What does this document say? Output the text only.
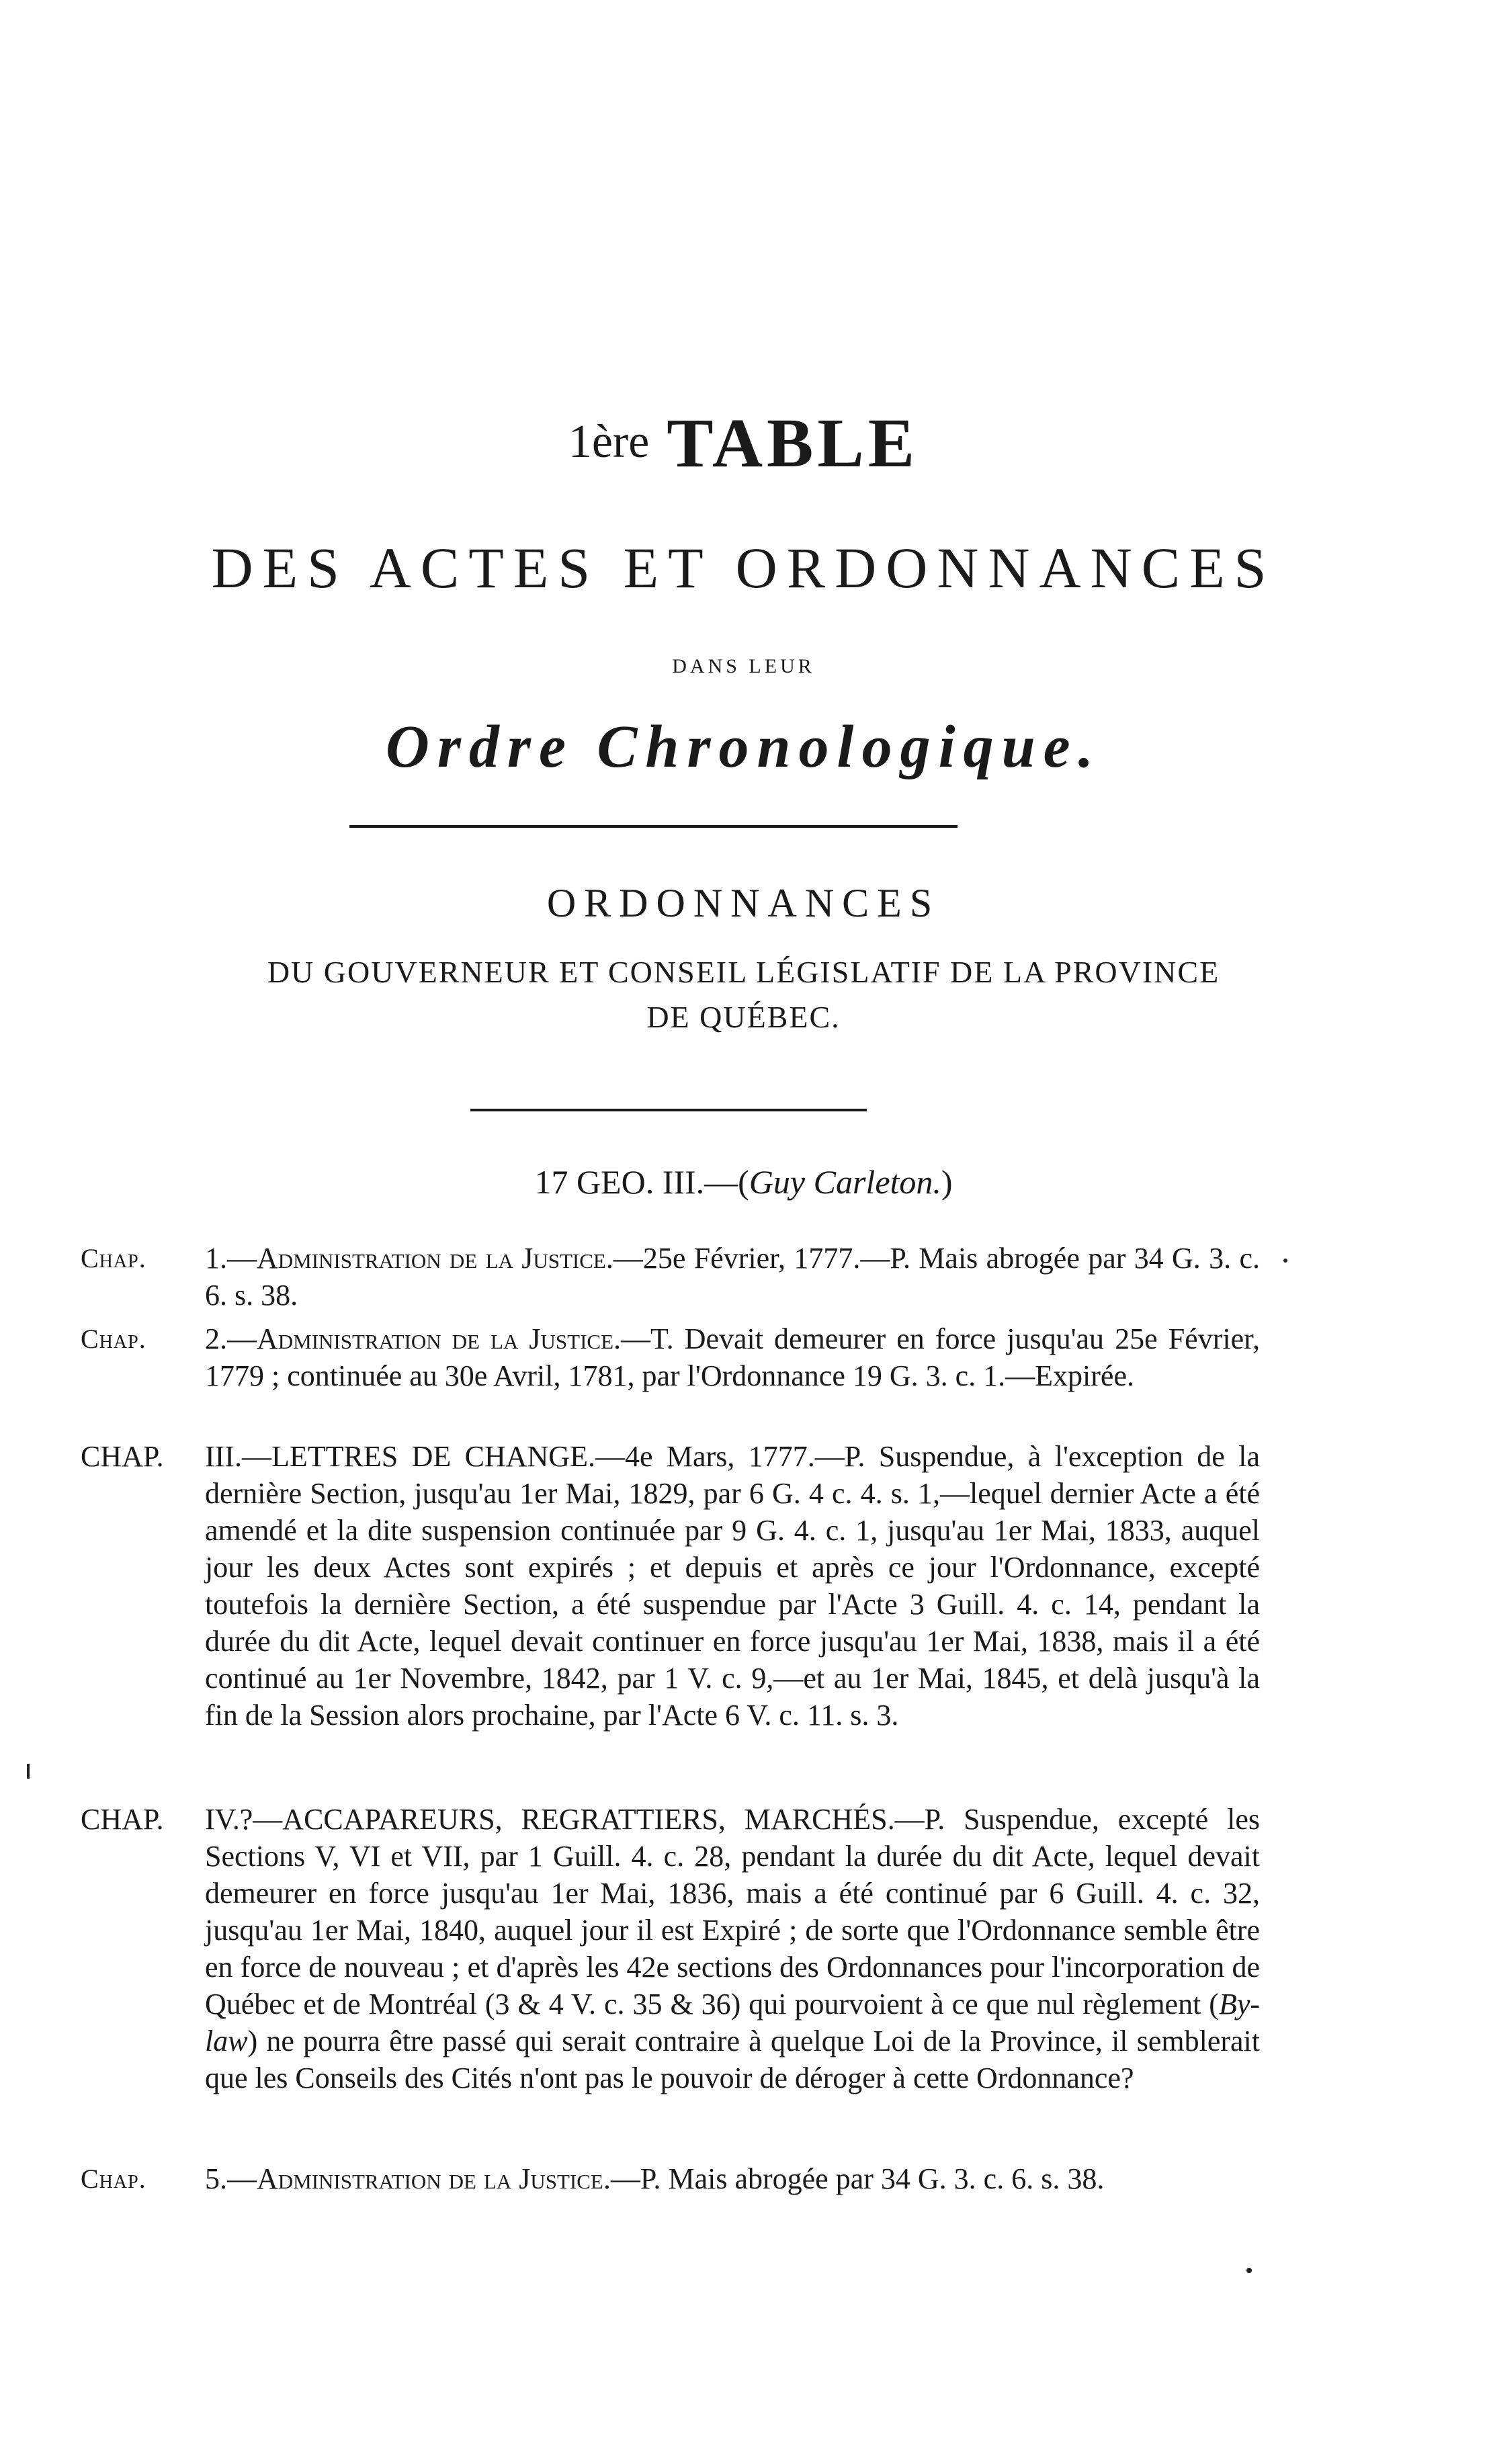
1ère TABLE
DES ACTES ET ORDONNANCES
DANS LEUR
Ordre Chronologique.
ORDONNANCES
DU GOUVERNEUR ET CONSEIL LÉGISLATIF DE LA PROVINCE
DE QUÉBEC.
17 GEO. III.—(Guy Carleton.)
Chap. 1.—Administration de la Justice.—25e Février, 1777.—P. Mais abrogée par 34 G. 3. c. 6. s. 38.
Chap. 2.—Administration de la Justice.—T. Devait demeurer en force jusqu'au 25e Février, 1779 ; continuée au 30e Avril, 1781, par l'Ordonnance 19 G. 3. c. 1.—Expirée.
CHAP. III.—LETTRES DE CHANGE.—4e Mars, 1777.—P. Suspendue, à l'exception de la dernière Section, jusqu'au 1er Mai, 1829, par 6 G. 4 c. 4. s. 1,—lequel dernier Acte a été amendé et la dite suspension continuée par 9 G. 4. c. 1, jusqu'au 1er Mai, 1833, auquel jour les deux Actes sont expirés ; et depuis et après ce jour l'Ordonnance, excepté toutefois la dernière Section, a été suspendue par l'Acte 3 Guill. 4. c. 14, pendant la durée du dit Acte, lequel devait continuer en force jusqu'au 1er Mai, 1838, mais il a été continué au 1er Novembre, 1842, par 1 V. c. 9,—et au 1er Mai, 1845, et delà jusqu'à la fin de la Session alors prochaine, par l'Acte 6 V. c. 11. s. 3.
CHAP. IV.?—ACCAPAREURS, REGRATTIERS, MARCHÉS.—P. Suspendue, excepté les Sections V, VI et VII, par 1 Guill. 4. c. 28, pendant la durée du dit Acte, lequel devait demeurer en force jusqu'au 1er Mai, 1836, mais a été continué par 6 Guill. 4. c. 32, jusqu'au 1er Mai, 1840, auquel jour il est Expiré ; de sorte que l'Ordonnance semble être en force de nouveau ; et d'après les 42e sections des Ordonnances pour l'incorporation de Québec et de Montréal (3 & 4 V. c. 35 & 36) qui pourvoient à ce que nul règlement (By-law) ne pourra être passé qui serait contraire à quelque Loi de la Province, il semblerait que les Conseils des Cités n'ont pas le pouvoir de déroger à cette Ordonnance?
Chap. 5.—Administration de la Justice.—P. Mais abrogée par 34 G. 3. c. 6. s. 38.
